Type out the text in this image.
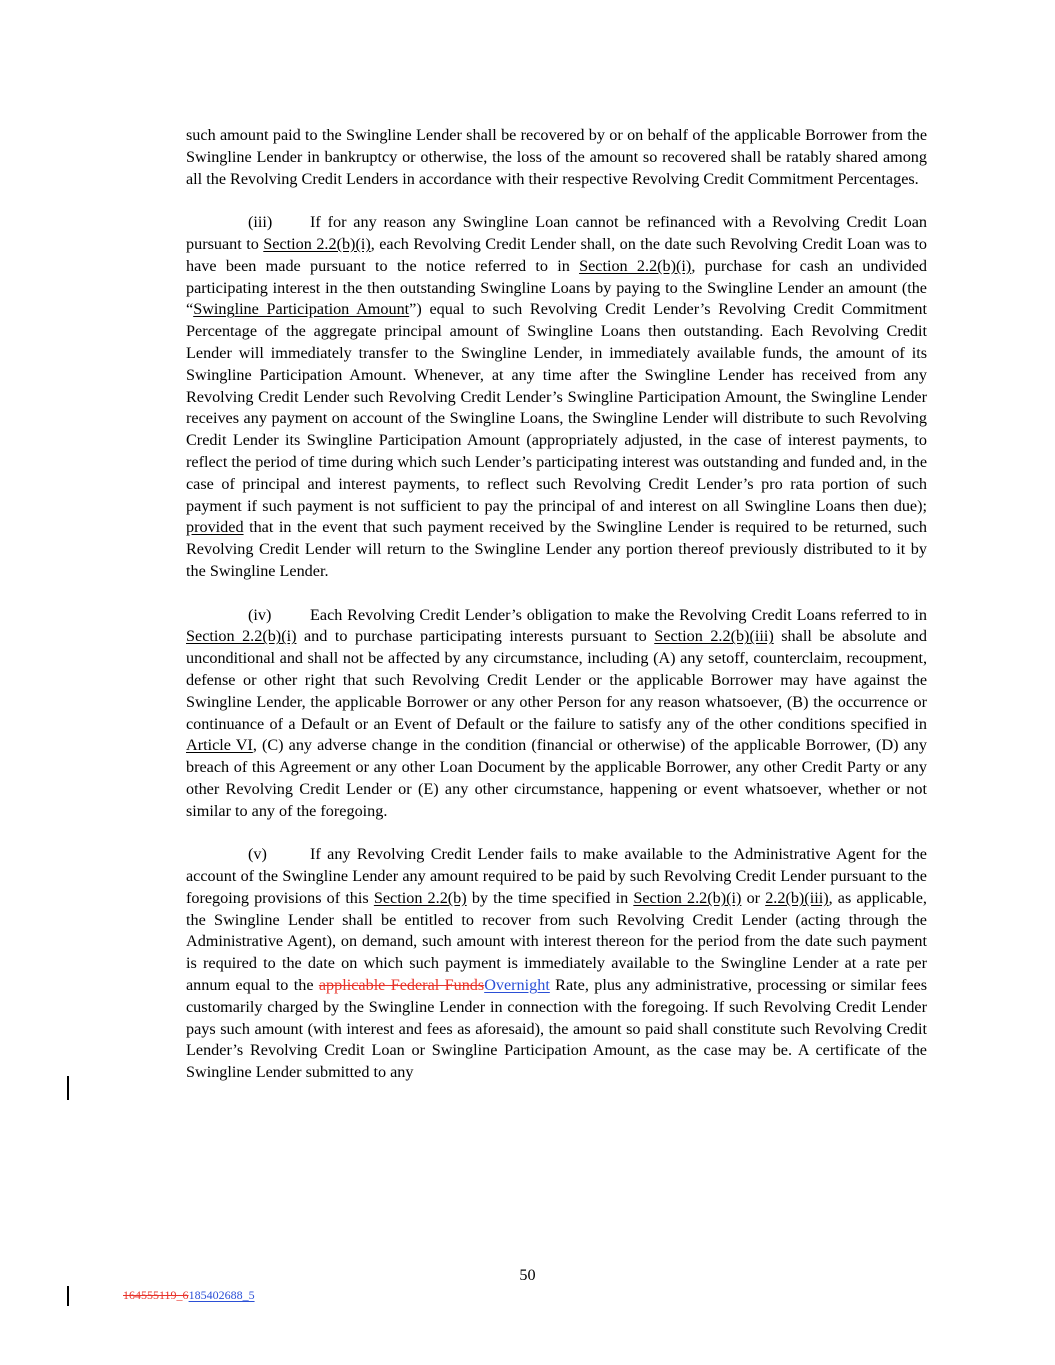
such amount paid to the Swingline Lender shall be recovered by or on behalf of the applicable Borrower from the Swingline Lender in bankruptcy or otherwise, the loss of the amount so recovered shall be ratably shared among all the Revolving Credit Lenders in accordance with their respective Revolving Credit Commitment Percentages.

(iii) If for any reason any Swingline Loan cannot be refinanced with a Revolving Credit Loan pursuant to Section 2.2(b)(i), each Revolving Credit Lender shall, on the date such Revolving Credit Loan was to have been made pursuant to the notice referred to in Section 2.2(b)(i), purchase for cash an undivided participating interest in the then outstanding Swingline Loans by paying to the Swingline Lender an amount (the “Swingline Participation Amount”) equal to such Revolving Credit Lender’s Revolving Credit Commitment Percentage of the aggregate principal amount of Swingline Loans then outstanding. Each Revolving Credit Lender will immediately transfer to the Swingline Lender, in immediately available funds, the amount of its Swingline Participation Amount. Whenever, at any time after the Swingline Lender has received from any Revolving Credit Lender such Revolving Credit Lender’s Swingline Participation Amount, the Swingline Lender receives any payment on account of the Swingline Loans, the Swingline Lender will distribute to such Revolving Credit Lender its Swingline Participation Amount (appropriately adjusted, in the case of interest payments, to reflect the period of time during which such Lender’s participating interest was outstanding and funded and, in the case of principal and interest payments, to reflect such Revolving Credit Lender’s pro rata portion of such payment if such payment is not sufficient to pay the principal of and interest on all Swingline Loans then due); provided that in the event that such payment received by the Swingline Lender is required to be returned, such Revolving Credit Lender will return to the Swingline Lender any portion thereof previously distributed to it by the Swingline Lender.

(iv) Each Revolving Credit Lender’s obligation to make the Revolving Credit Loans referred to in Section 2.2(b)(i) and to purchase participating interests pursuant to Section 2.2(b)(iii) shall be absolute and unconditional and shall not be affected by any circumstance, including (A) any setoff, counterclaim, recoupment, defense or other right that such Revolving Credit Lender or the applicable Borrower may have against the Swingline Lender, the applicable Borrower or any other Person for any reason whatsoever, (B) the occurrence or continuance of a Default or an Event of Default or the failure to satisfy any of the other conditions specified in Article VI, (C) any adverse change in the condition (financial or otherwise) of the applicable Borrower, (D) any breach of this Agreement or any other Loan Document by the applicable Borrower, any other Credit Party or any other Revolving Credit Lender or (E) any other circumstance, happening or event whatsoever, whether or not similar to any of the foregoing.

(v)	If any Revolving Credit Lender fails to make available to the Administrative Agent for the account of the Swingline Lender any amount required to be paid by such Revolving Credit Lender pursuant to the foregoing provisions of this Section 2.2(b) by the time specified in Section 2.2(b)(i) or 2.2(b)(iii), as applicable, the Swingline Lender shall be entitled to recover from such Revolving Credit Lender (acting through the Administrative Agent), on demand, such amount with interest thereon for the period from the date such payment is required to the date on which such payment is immediately available to the Swingline Lender at a rate per annum equal to the applicable Federal FundsOvernight Rate, plus any administrative, processing or similar fees customarily charged by the Swingline Lender in connection with the foregoing. If such Revolving Credit Lender pays such amount (with interest and fees as aforesaid), the amount so paid shall constitute such Revolving Credit Lender’s Revolving Credit Loan or Swingline Participation Amount, as the case may be. A certificate of the Swingline Lender submitted to any

50
164555119_6185402688_5
